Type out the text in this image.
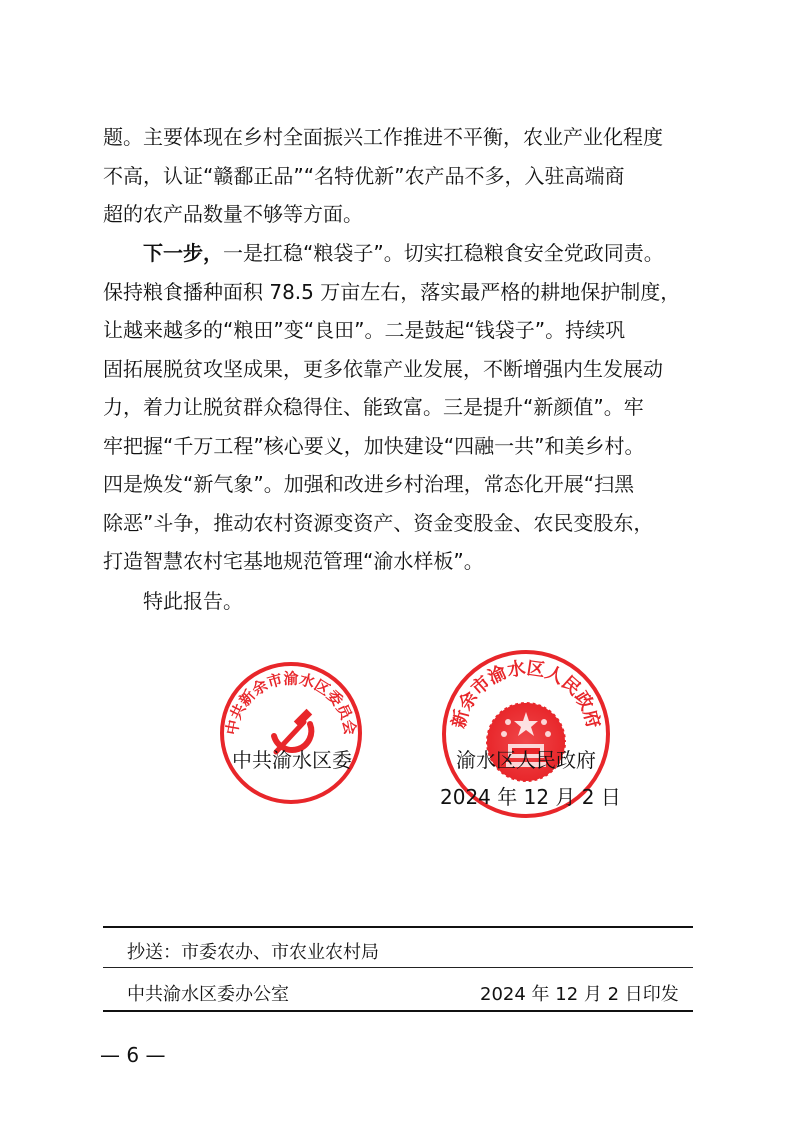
题。主要体现在乡村全面振兴工作推进不平衡，农业产业化程度
不高，认证“赣鄱正品”“名特优新”农产品不多，入驻高端商
超的农产品数量不够等方面。
下一步，一是扛稳“粮袋子”。切实扛稳粮食安全党政同责。
保持粮食播种面积 78.5 万亩左右，落实最严格的耕地保护制度，
让越来越多的“粮田”变“良田”。二是鼓起“钱袋子”。持续巩
固拓展脱贫攻坚成果，更多依靠产业发展，不断增强内生发展动
力，着力让脱贫群众稳得住、能致富。三是提升“新颜值”。牢
牢把握“千万工程”核心要义，加快建设“四融一共”和美乡村。
四是焕发“新气象”。加强和改进乡村治理，常态化开展“扫黑
除恶”斗争，推动农村资源变资产、资金变股金、农民变股东，
打造智慧农村宅基地规范管理“渝水样板”。
特此报告。
中共新余市渝水区委员会	新余市渝水区人民政府
中共渝水区委	渝水区人民政府
2024 年 12 月 2 日
抄送：市委农办、市农业农村局
中共渝水区委办公室	2024 年 12 月 2 日印发
— 6 —
